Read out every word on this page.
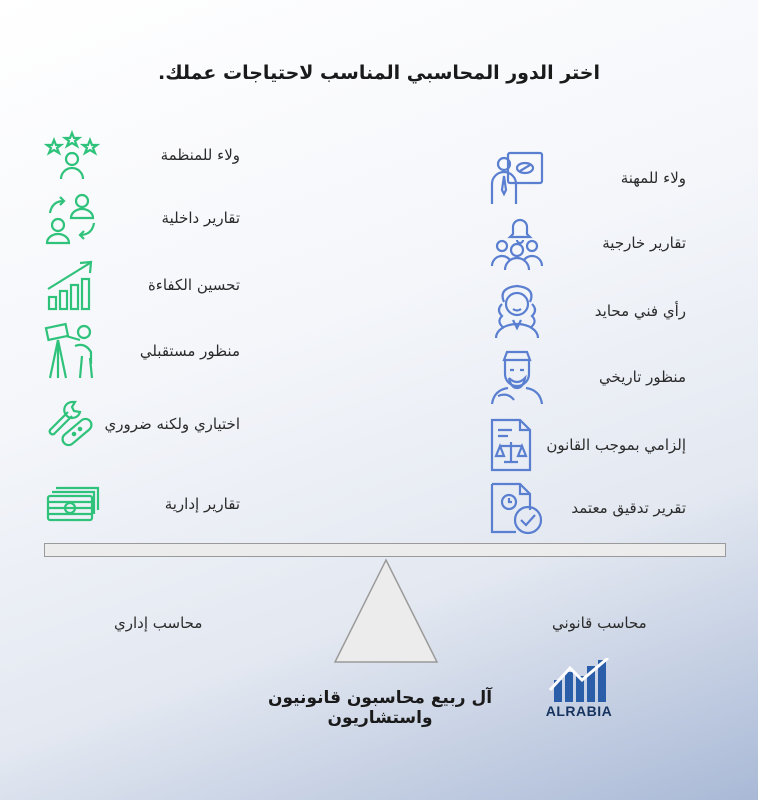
اختر الدور المحاسبي المناسب لاحتياجات عملك.
ولاء للمنظمة
تقارير داخلية
تحسين الكفاءة
منظور مستقبلي
اختياري ولكنه ضروري
تقارير إدارية
ولاء للمهنة
تقارير خارجية
رأي فني محايد
منظور تاريخي
إلزامي بموجب القانون
تقرير تدقيق معتمد
محاسب إداري	محاسب قانوني
آل ربيع محاسبون قانونيون واستشاريون	ALRABIA
